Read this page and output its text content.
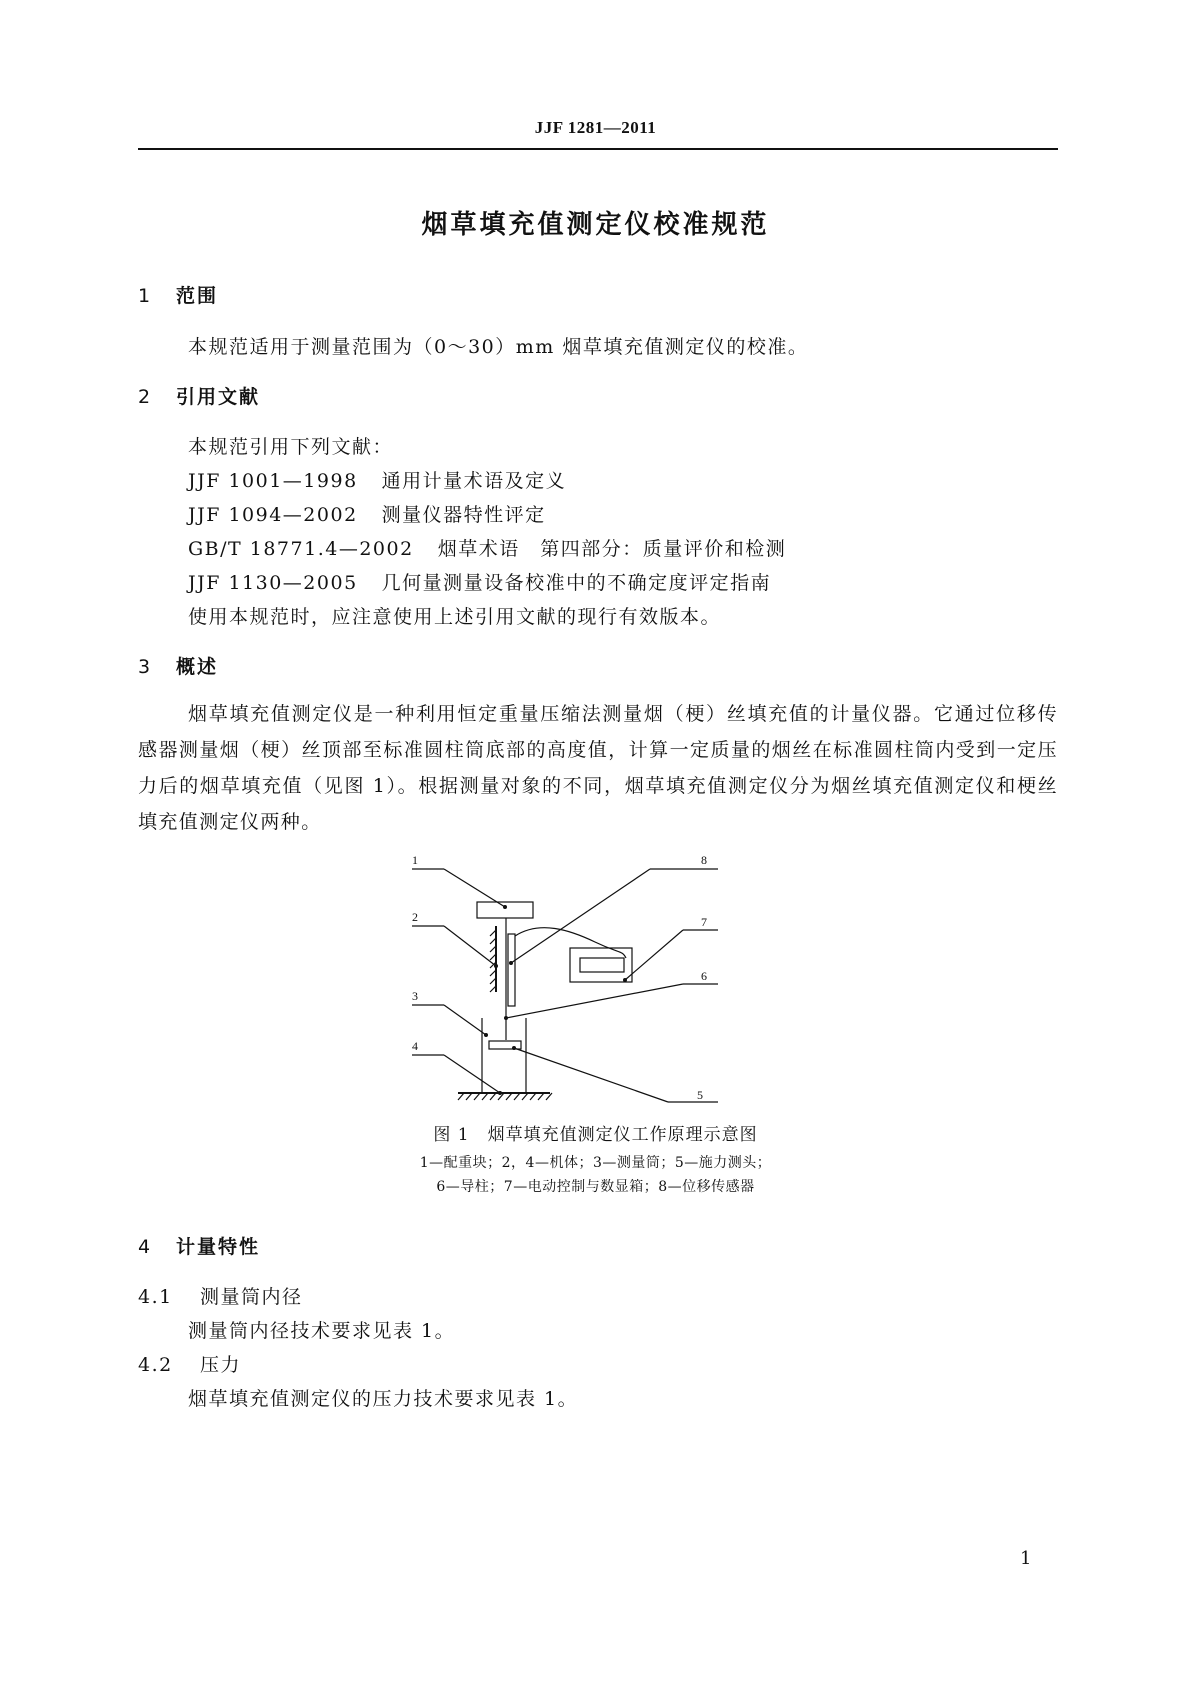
JJF 1281—2011
烟草填充值测定仪校准规范
1 范围
本规范适用于测量范围为（0～30）mm 烟草填充值测定仪的校准。
2 引用文献
本规范引用下列文献：
JJF 1001—1998 通用计量术语及定义
JJF 1094—2002 测量仪器特性评定
GB/T 18771.4—2002 烟草术语　第四部分：质量评价和检测
JJF 1130—2005 几何量测量设备校准中的不确定度评定指南
使用本规范时，应注意使用上述引用文献的现行有效版本。
3 概述
烟草填充值测定仪是一种利用恒定重量压缩法测量烟（梗）丝填充值的计量仪器。它通过位移传感器测量烟（梗）丝顶部至标准圆柱筒底部的高度值，计算一定质量的烟丝在标准圆柱筒内受到一定压力后的烟草填充值（见图 1）。根据测量对象的不同，烟草填充值测定仪分为烟丝填充值测定仪和梗丝填充值测定仪两种。
1
2
3
4
5
6
7
8
图 1　烟草填充值测定仪工作原理示意图
1—配重块；2，4—机体；3—测量筒；5—施力测头；
6—导柱；7—电动控制与数显箱；8—位移传感器
4 计量特性
4.1 测量筒内径
测量筒内径技术要求见表 1。
4.2 压力
烟草填充值测定仪的压力技术要求见表 1。
1
